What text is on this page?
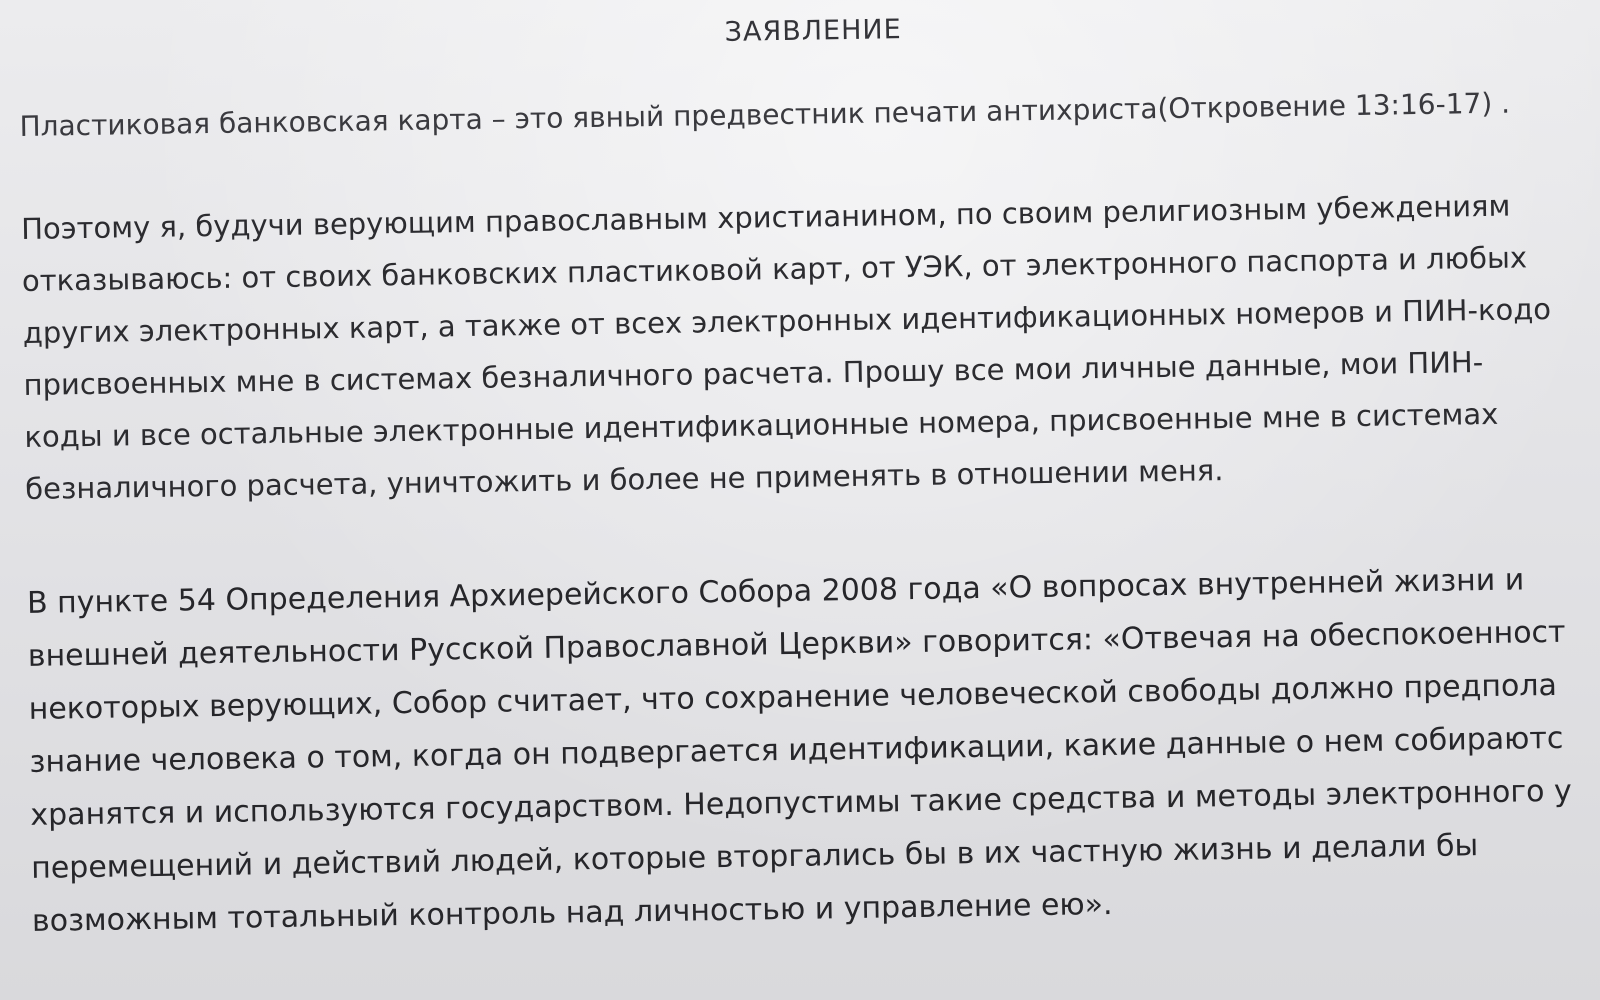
ЗАЯВЛЕНИЕ

Пластиковая банковская карта – это явный предвестник печати антихриста(Откровение 13:16-17) .

Поэтому я, будучи верующим православным христианином, по своим религиозным убеждениям
отказываюсь: от своих банковских пластиковой карт, от УЭК, от электронного паспорта и любых
других электронных карт, а также от всех электронных идентификационных номеров и ПИН-кодо
присвоенных мне в системах безналичного расчета. Прошу все мои личные данные, мои ПИН-
коды и все остальные электронные идентификационные номера, присвоенные мне в системах
безналичного расчета, уничтожить и более не применять в отношении меня.

В пункте 54 Определения Архиерейского Собора 2008 года «О вопросах внутренней жизни и
внешней деятельности Русской Православной Церкви» говорится: «Отвечая на обеспокоенност
некоторых верующих, Собор считает, что сохранение человеческой свободы должно предпола
знание человека о том, когда он подвергается идентификации, какие данные о нем собираютс
хранятся и используются государством. Недопустимы такие средства и методы электронного у
перемещений и действий людей, которые вторгались бы в их частную жизнь и делали бы
возможным тотальный контроль над личностью и управление ею».
